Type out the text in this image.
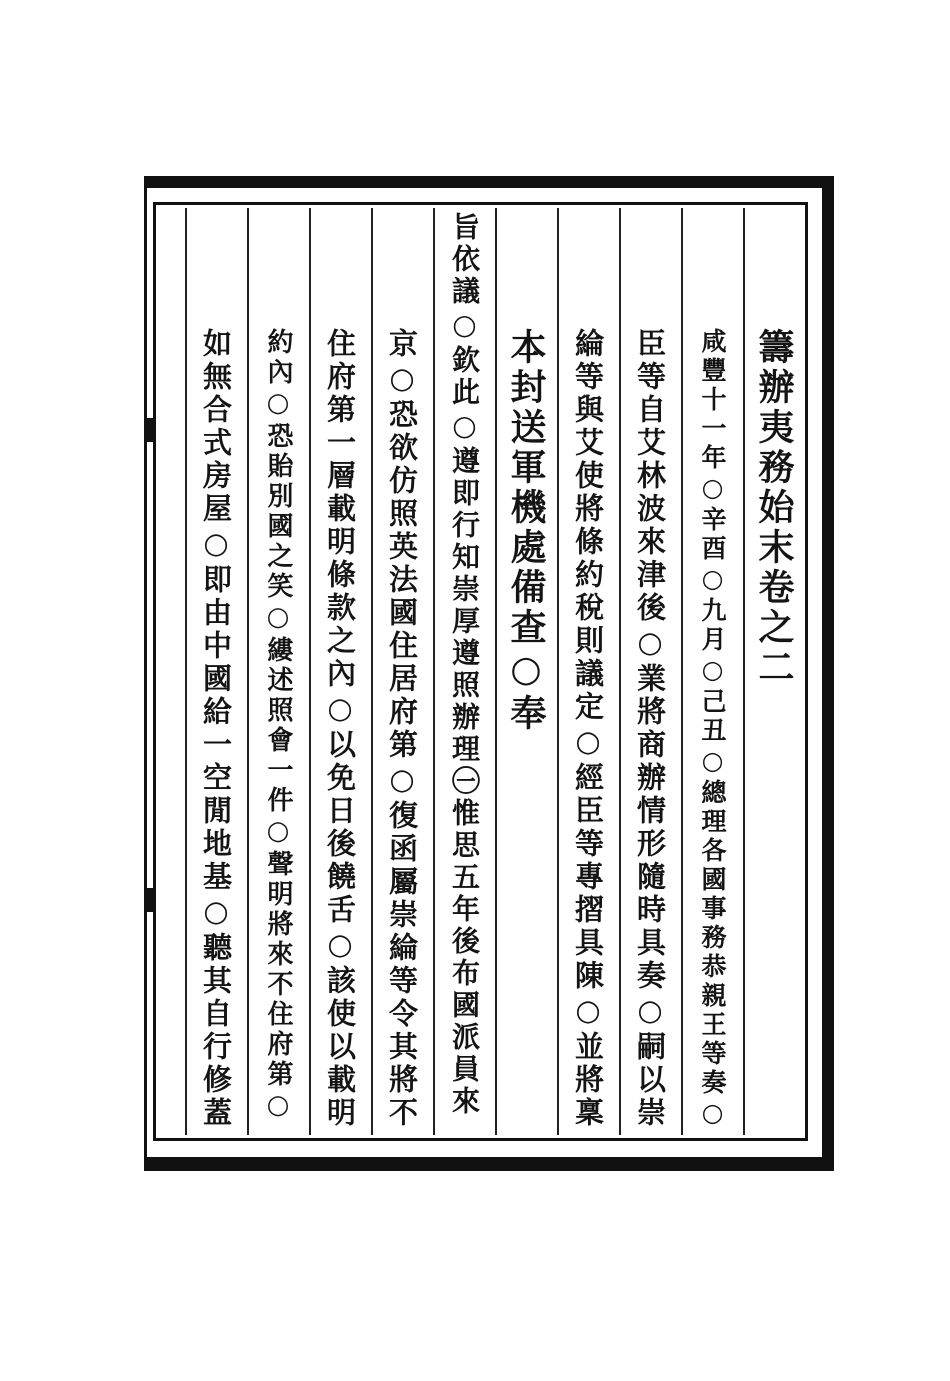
籌辦夷務始末卷之二
咸豐十一年○辛酉○九月○己丑○總理各國事務恭親王等奏○
臣等自艾林波來津後○業將商辦情形隨時具奏○嗣以崇
綸等與艾使將條約稅則議定○經臣等專摺具陳○並將稟
本封送軍機處備查○奉
旨依議○欽此○遵即行知崇厚遵照辦理㊀惟思五年後布國派員來
京○恐欲仿照英法國住居府第○復函屬崇綸等令其將不
住府第一層載明條款之內○以免日後饒舌○該使以載明
約內○恐貽別國之笑○縷述照會一件○聲明將來不住府第○
如無合式房屋○即由中國給一空閒地基○聽其自行修蓋
